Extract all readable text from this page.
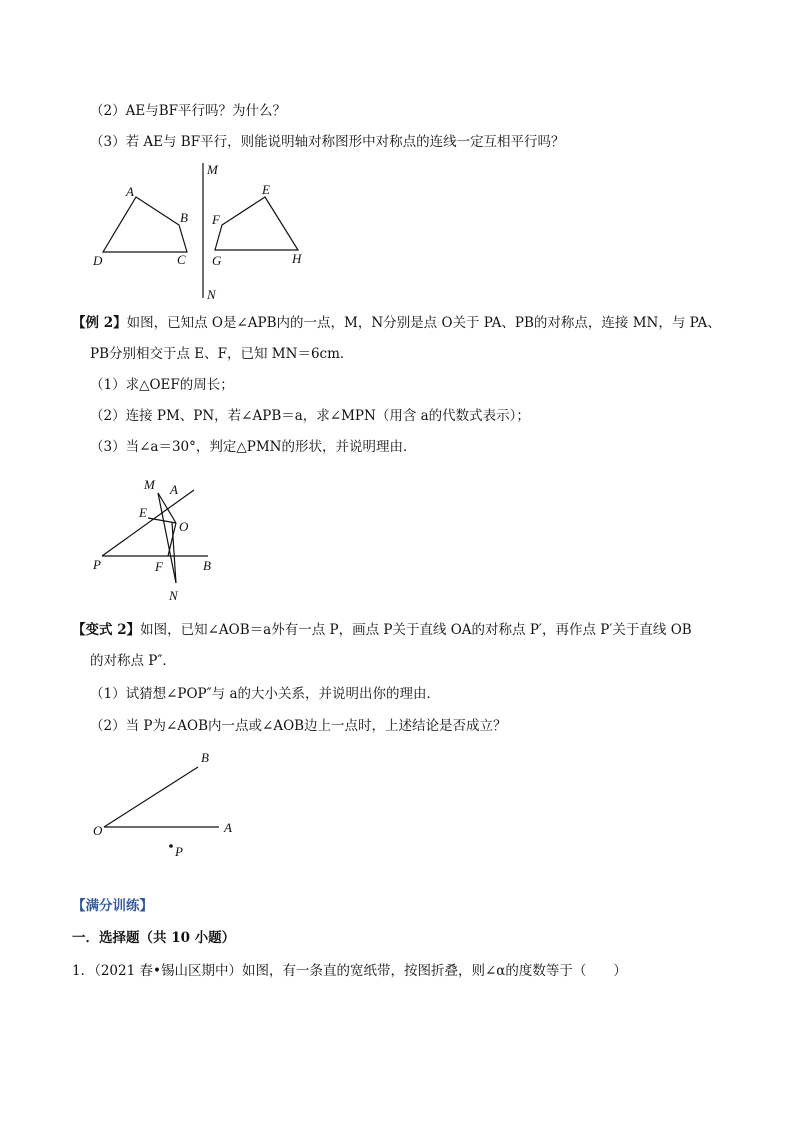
（2）AE与BF平行吗？为什么？
（3）若 AE与 BF平行，则能说明轴对称图形中对称点的连线一定互相平行吗？
A
B
C
D
E
F
G	H
M
N
【例 2】如图，已知点 O是∠APB内的一点，M，N分别是点 O关于 PA、PB的对称点，连接 MN，与 PA、
PB分别相交于点 E、F，已知 MN＝6cm．
（1）求△OEF的周长；
（2）连接 PM、PN，若∠APB＝a，求∠MPN（用含 a的代数式表示）；
（3）当∠a＝30°，判定△PMN的形状，并说明理由．
M A
E
O
P	F	B
N
【变式 2】如图，已知∠AOB＝a外有一点 P，画点 P关于直线 OA的对称点 P′，再作点 P′关于直线 OB
的对称点 P″．
（1）试猜想∠POP″与 a的大小关系，并说明出你的理由．
（2）当 P为∠AOB内一点或∠AOB边上一点时，上述结论是否成立？
B
O	A
P
【满分训练】
一．选择题（共 10 小题）
1．（2021 春•锡山区期中）如图，有一条直的宽纸带，按图折叠，则∠α的度数等于（　　）
